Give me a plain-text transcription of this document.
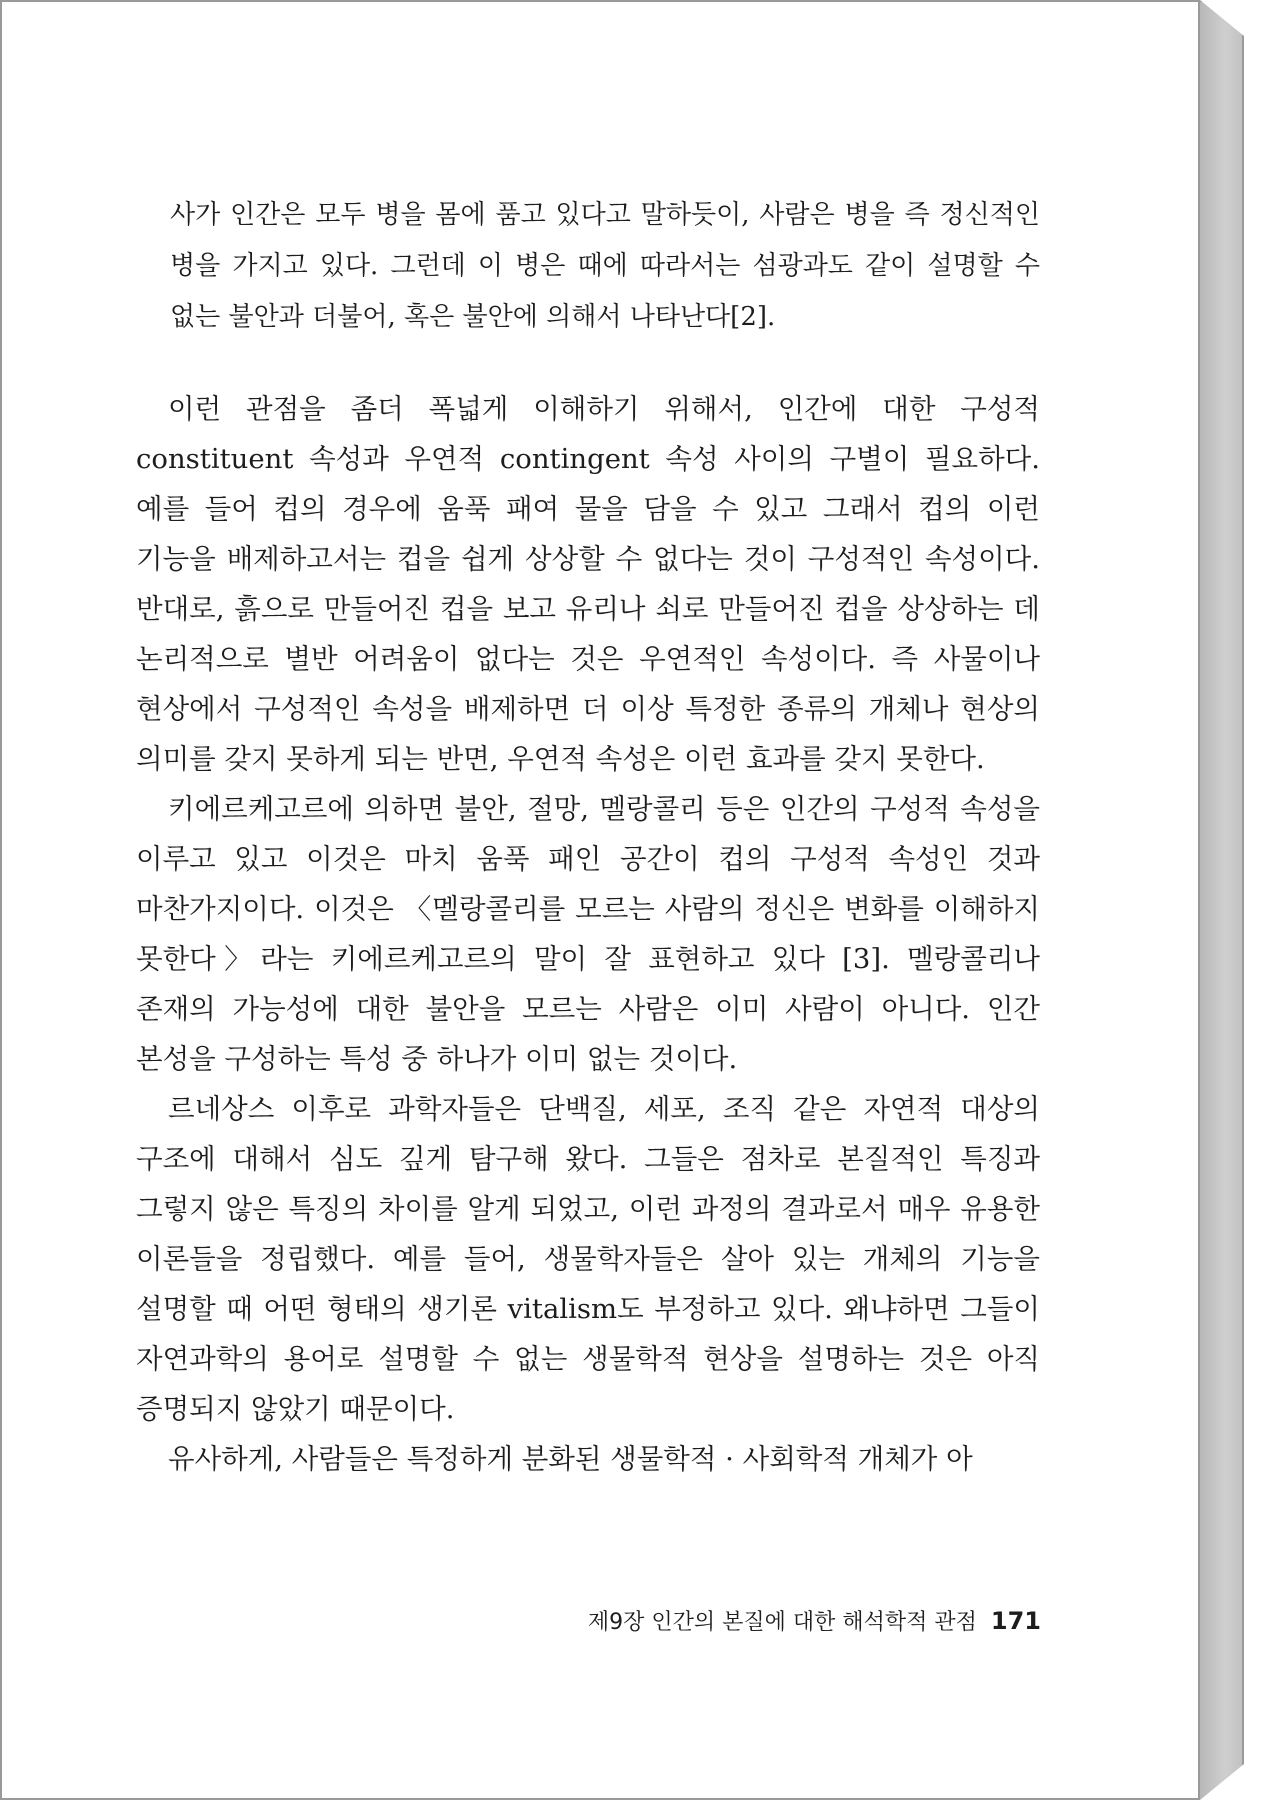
사가 인간은 모두 병을 몸에 품고 있다고 말하듯이, 사람은 병을 즉 정신적인 병을 가지고 있다. 그런데 이 병은 때에 따라서는 섬광과도 같이 설명할 수 없는 불안과 더불어, 혹은 불안에 의해서 나타난다[2].

이런 관점을 좀더 폭넓게 이해하기 위해서, 인간에 대한 구성적 constituent 속성과 우연적 contingent 속성 사이의 구별이 필요하다. 예를 들어 컵의 경우에 움푹 패여 물을 담을 수 있고 그래서 컵의 이런 기능을 배제하고서는 컵을 쉽게 상상할 수 없다는 것이 구성적인 속성이다. 반대로, 흙으로 만들어진 컵을 보고 유리나 쇠로 만들어진 컵을 상상하는 데 논리적으로 별반 어려움이 없다는 것은 우연적인 속성이다. 즉 사물이나 현상에서 구성적인 속성을 배제하면 더 이상 특정한 종류의 개체나 현상의 의미를 갖지 못하게 되는 반면, 우연적 속성은 이런 효과를 갖지 못한다.

키에르케고르에 의하면 불안, 절망, 멜랑콜리 등은 인간의 구성적 속성을 이루고 있고 이것은 마치 움푹 패인 공간이 컵의 구성적 속성인 것과 마찬가지이다. 이것은 〈멜랑콜리를 모르는 사람의 정신은 변화를 이해하지 못한다〉라는 키에르케고르의 말이 잘 표현하고 있다 [3]. 멜랑콜리나 존재의 가능성에 대한 불안을 모르는 사람은 이미 사람이 아니다. 인간 본성을 구성하는 특성 중 하나가 이미 없는 것이다.

르네상스 이후로 과학자들은 단백질, 세포, 조직 같은 자연적 대상의 구조에 대해서 심도 깊게 탐구해 왔다. 그들은 점차로 본질적인 특징과 그렇지 않은 특징의 차이를 알게 되었고, 이런 과정의 결과로서 매우 유용한 이론들을 정립했다. 예를 들어, 생물학자들은 살아 있는 개체의 기능을 설명할 때 어떤 형태의 생기론 vitalism도 부정하고 있다. 왜냐하면 그들이 자연과학의 용어로 설명할 수 없는 생물학적 현상을 설명하는 것은 아직 증명되지 않았기 때문이다.

유사하게, 사람들은 특정하게 분화된 생물학적 · 사회학적 개체가 아

제9장 인간의 본질에 대한 해석학적 관점 171
